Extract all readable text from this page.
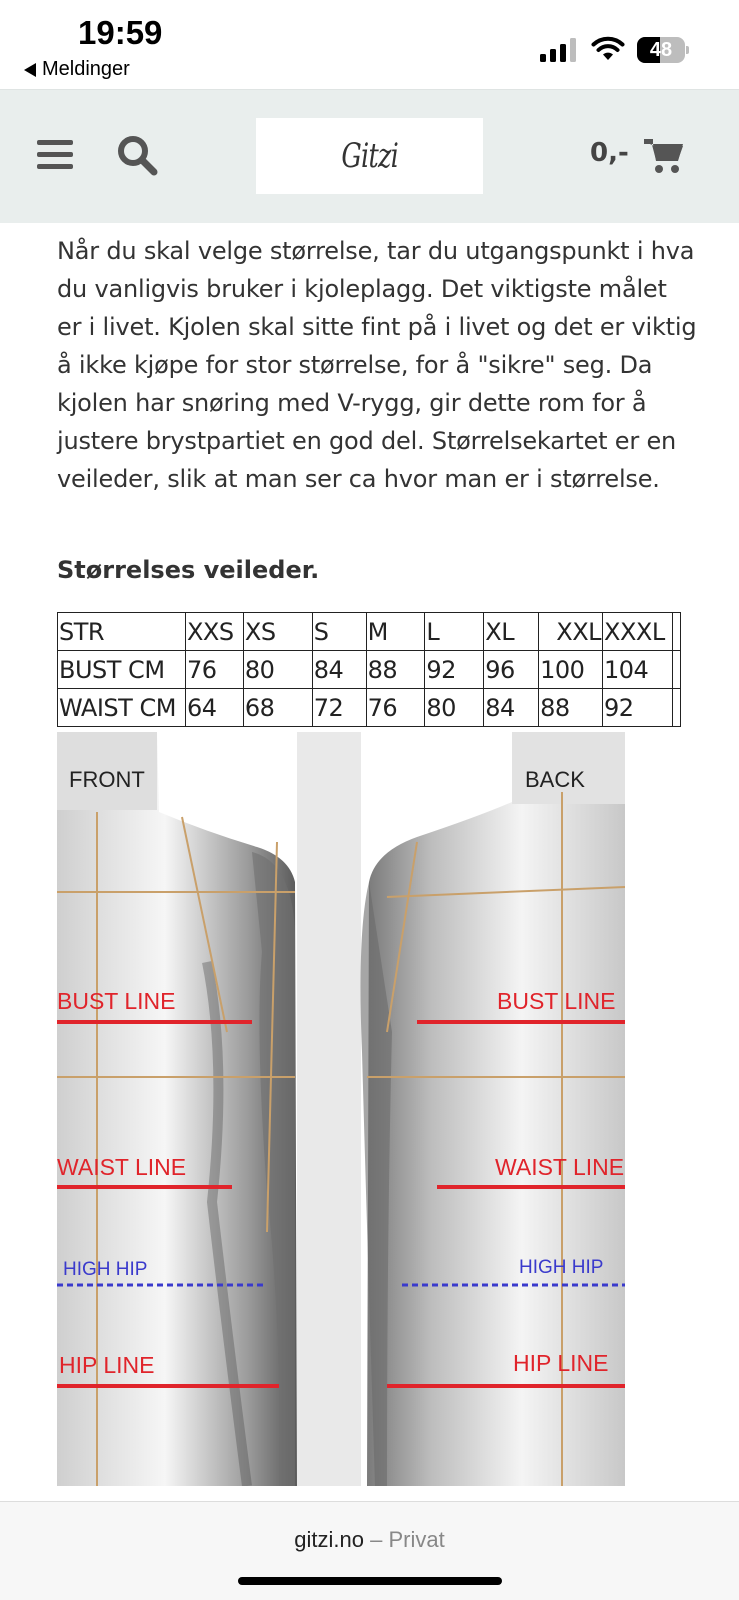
19:59
Meldinger
48
Gitzi	0,-

Når du skal velge størrelse, tar du utgangspunkt i hva du vanligvis bruker i kjoleplagg. Det viktigste målet er i livet. Kjolen skal sitte fint på i livet og det er viktig å ikke kjøpe for stor størrelse, for å "sikre" seg. Da kjolen har snøring med V-rygg, gir dette rom for å justere brystpartiet en god del. Størrelsekartet er en veileder, slik at man ser ca hvor man er i størrelse.

Størrelses veileder.
STR	XXS	XS	S	M	L	XL	XXL	XXXL	
BUST CM	76	80	84	88	92	96	100	104	
WAIST CM	64	68	72	76	80	84	88	92	
FRONT
BUST LINE
WAIST LINE
HIGH HIP
HIP LINE
BACK
BUST LINE
WAIST LINE
HIGH HIP
HIP LINE
gitzi.no – Privat
